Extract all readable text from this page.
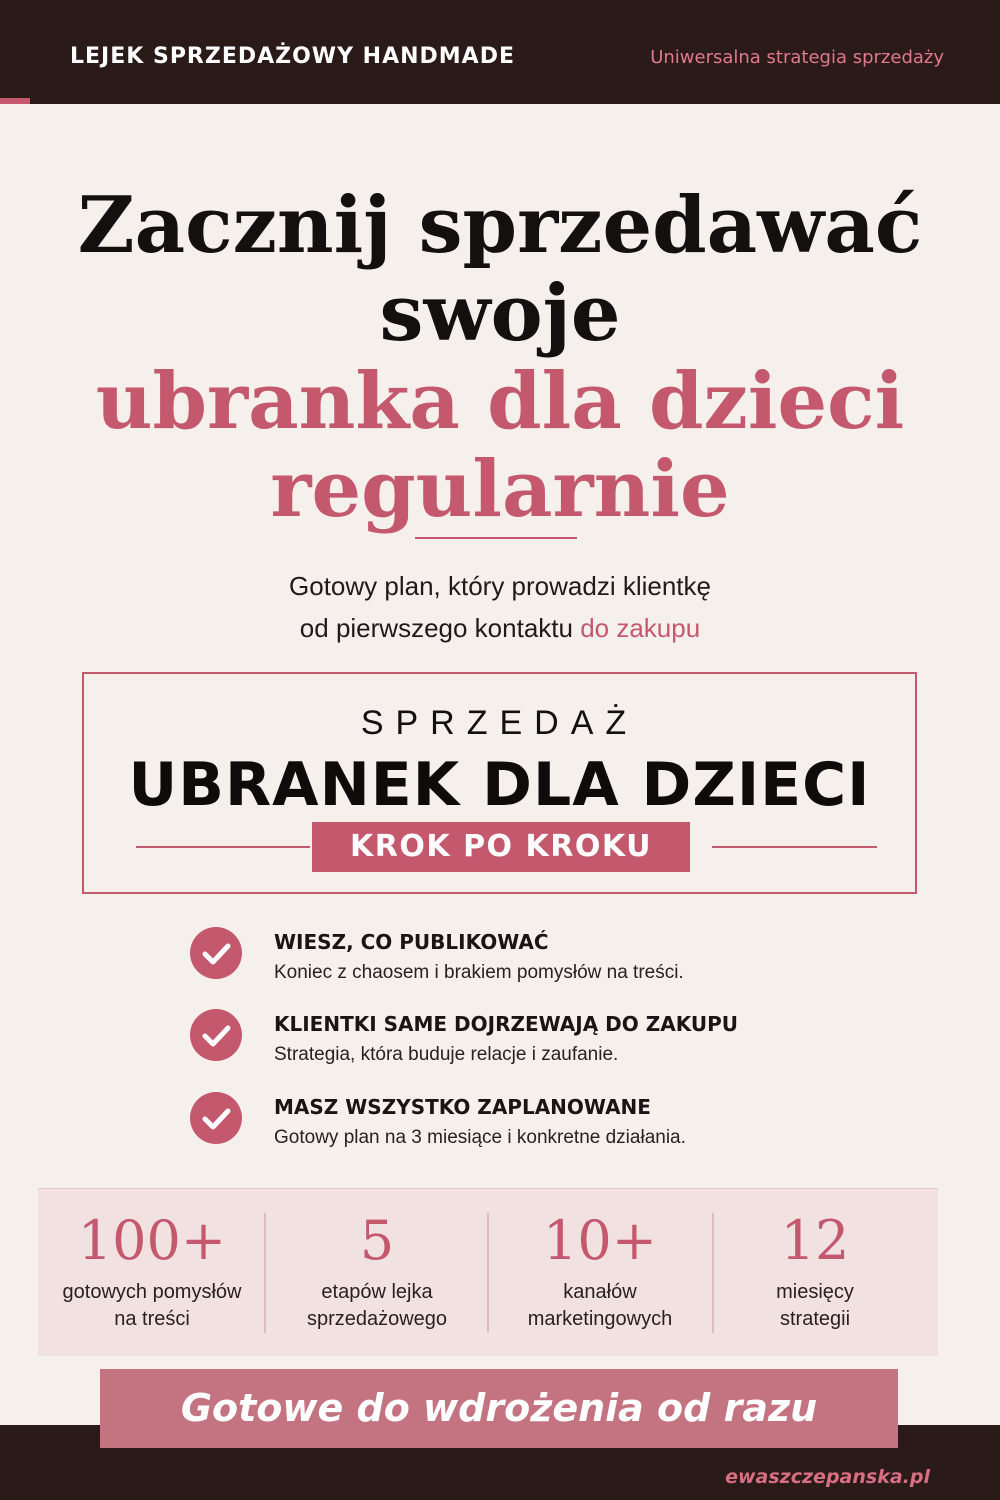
LEJEK SPRZEDAŻOWY HANDMADE	Uniwersalna strategia sprzedaży
Zacznij sprzedawać
swoje
ubranka dla dzieci
regularnie
Gotowy plan, który prowadzi klientkę
od pierwszego kontaktu do zakupu
SPRZEDAŻ
UBRANEK DLA DZIECI
KROK PO KROKU
WIESZ, CO PUBLIKOWAĆ
Koniec z chaosem i brakiem pomysłów na treści.
KLIENTKI SAME DOJRZEWAJĄ DO ZAKUPU
Strategia, która buduje relacje i zaufanie.
MASZ WSZYSTKO ZAPLANOWANE
Gotowy plan na 3 miesiące i konkretne działania.
100+
gotowych pomysłów
na treści
5
etapów lejka
sprzedażowego
10+
kanałów
marketingowych
12
miesięcy
strategii
ewaszczepanska.pl
Gotowe do wdrożenia od razu
